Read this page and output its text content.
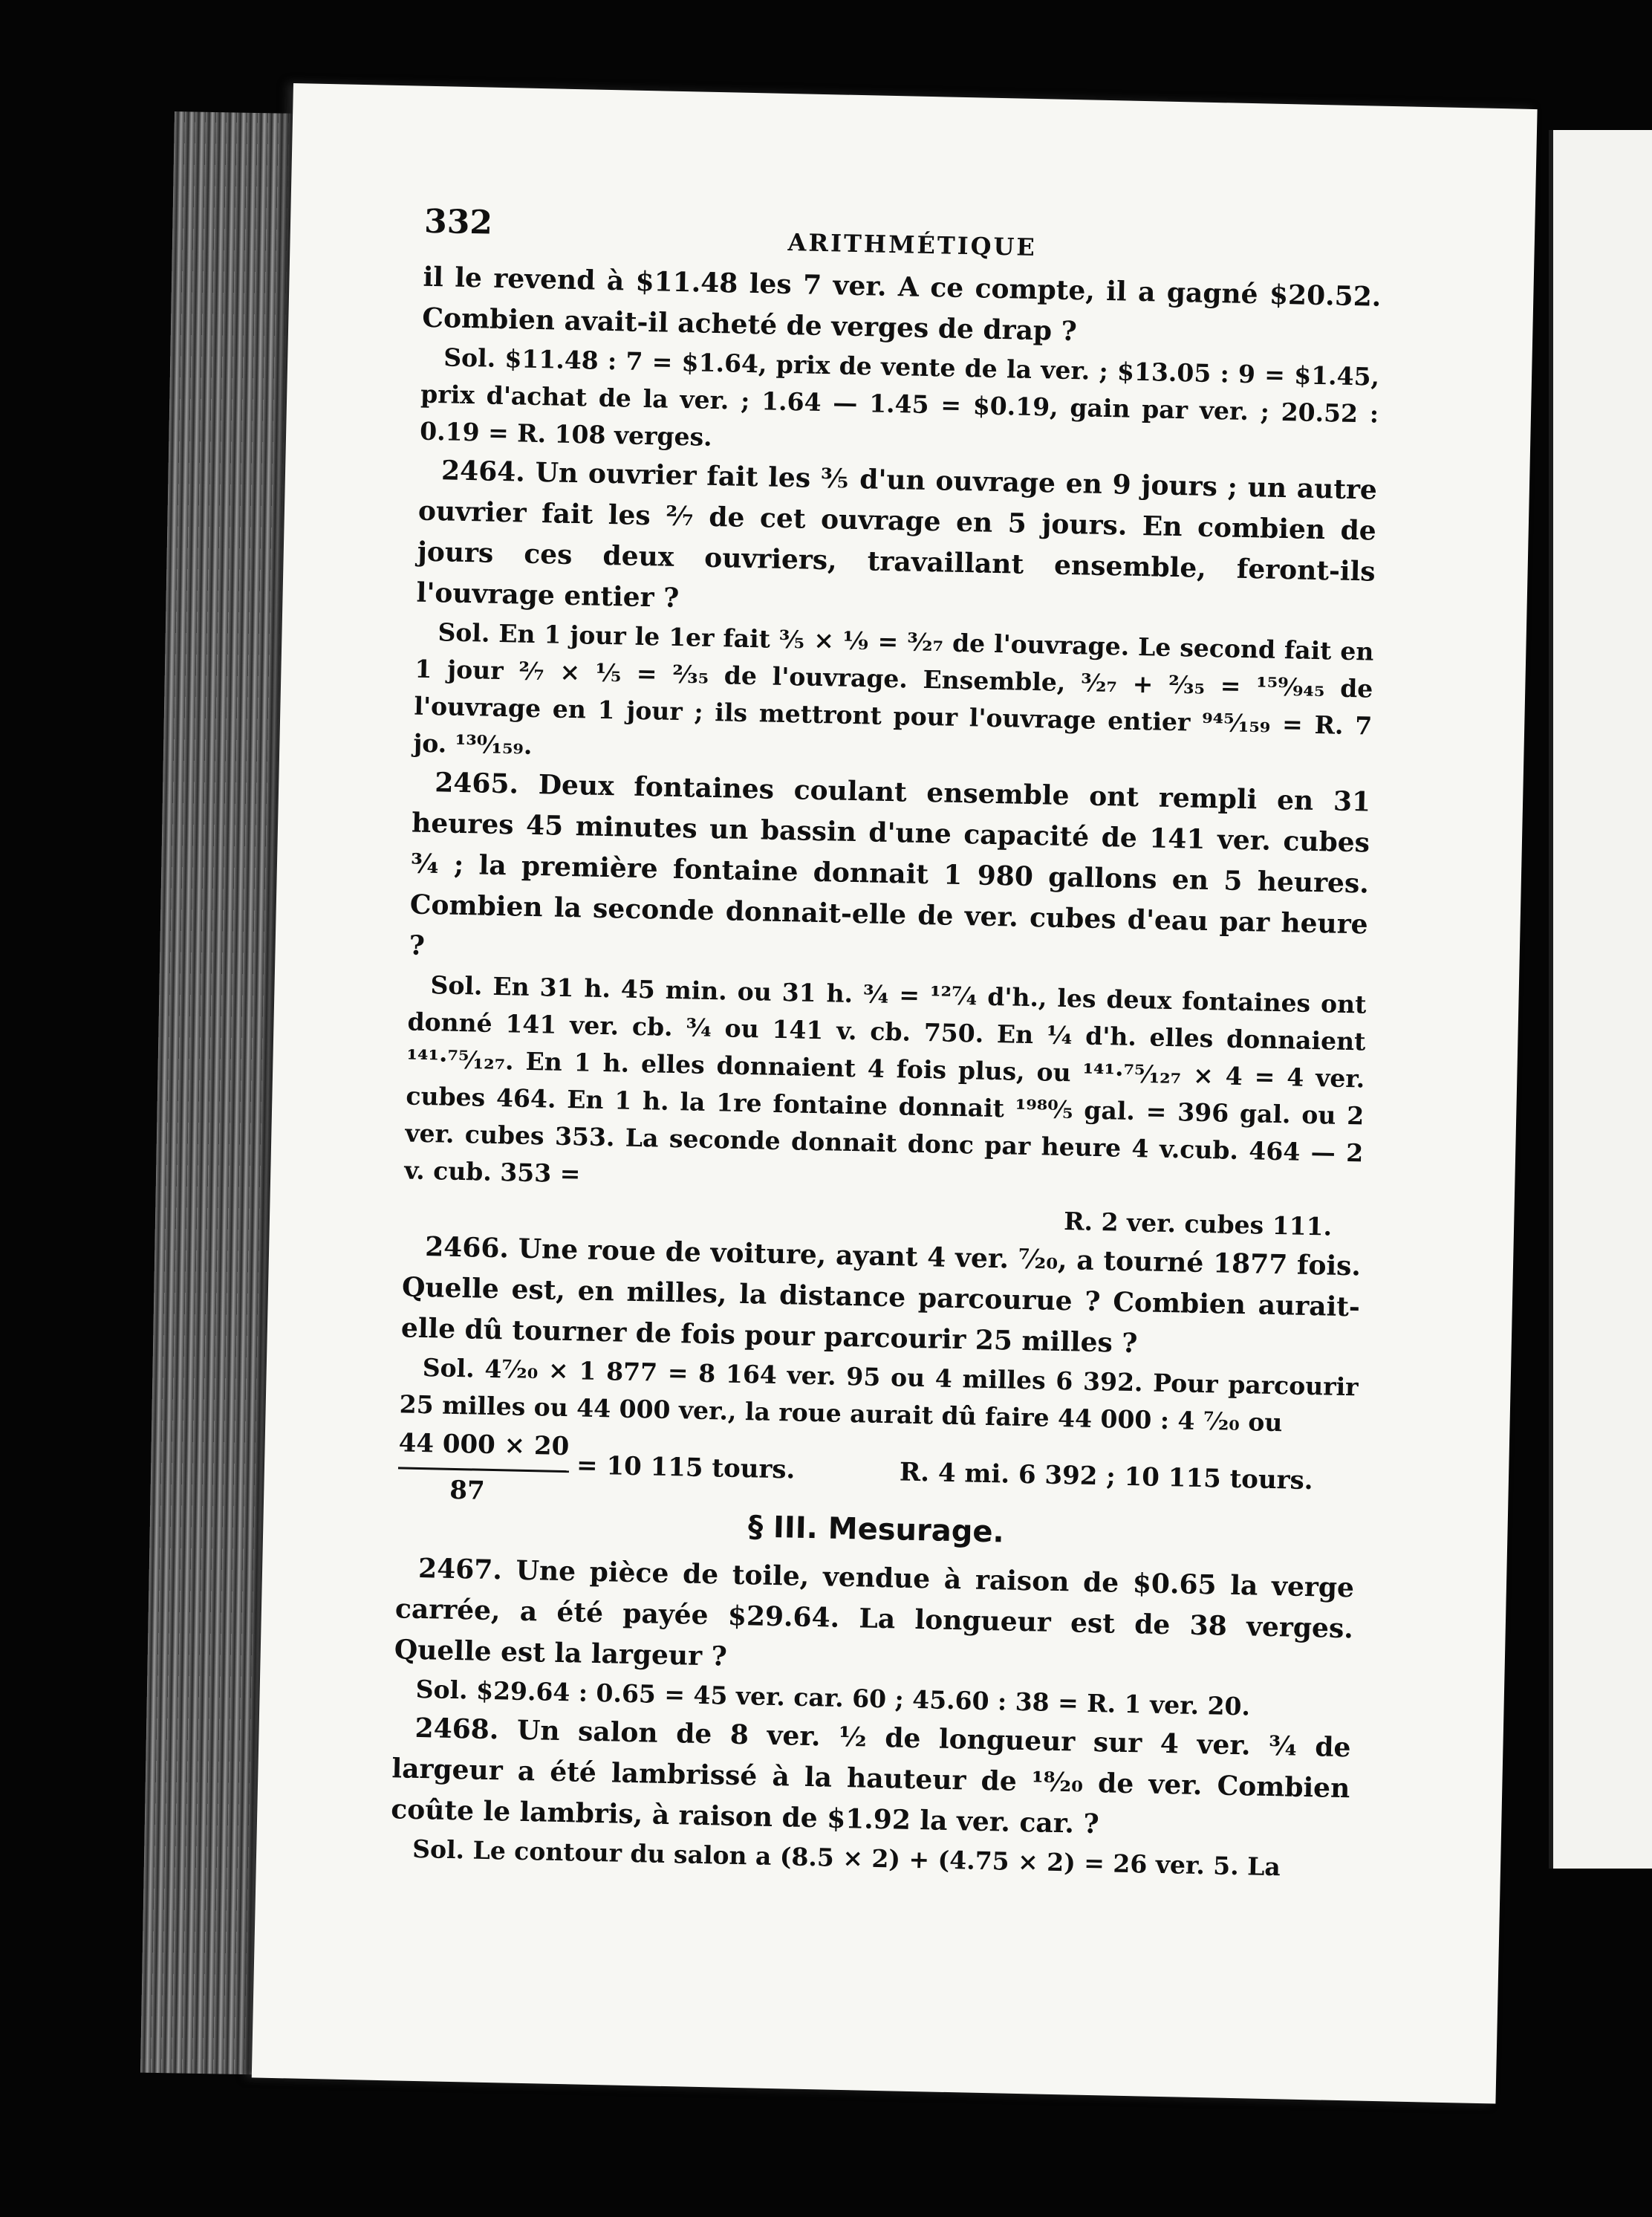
332
ARITHMÉTIQUE

il le revend à $11.48 les 7 ver. A ce compte, il a gagné $20.52. Combien avait-il acheté de verges de drap ?

Sol. $11.48 : 7 = $1.64, prix de vente de la ver. ; $13.05 : 9 = $1.45, prix d'achat de la ver. ; 1.64 — 1.45 = $0.19, gain par ver. ; 20.52 : 0.19 = R. 108 verges.

2464. Un ouvrier fait les ⅗ d'un ouvrage en 9 jours ; un autre ouvrier fait les ²⁄₇ de cet ouvrage en 5 jours. En combien de jours ces deux ouvriers, travaillant ensemble, feront-ils l'ouvrage entier ?

Sol. En 1 jour le 1er fait ⅗ × ⅑ = ³⁄₂₇ de l'ouvrage. Le second fait en 1 jour ²⁄₇ × ⅕ = ²⁄₃₅ de l'ouvrage. Ensemble, ³⁄₂₇ + ²⁄₃₅ = ¹⁵⁹⁄₉₄₅ de l'ouvrage en 1 jour ; ils mettront pour l'ouvrage entier ⁹⁴⁵⁄₁₅₉ = R. 7 jo. ¹³⁰⁄₁₅₉.

2465. Deux fontaines coulant ensemble ont rempli en 31 heures 45 minutes un bassin d'une capacité de 141 ver. cubes ¾ ; la première fontaine donnait 1 980 gallons en 5 heures. Combien la seconde donnait-elle de ver. cubes d'eau par heure ?

Sol. En 31 h. 45 min. ou 31 h. ¾ = ¹²⁷⁄₄ d'h., les deux fontaines ont donné 141 ver. cb. ¾ ou 141 v. cb. 750. En ¼ d'h. elles donnaient ¹⁴¹·⁷⁵⁄₁₂₇. En 1 h. elles donnaient 4 fois plus, ou ¹⁴¹·⁷⁵⁄₁₂₇ × 4 = 4 ver. cubes 464. En 1 h. la 1re fontaine donnait ¹⁹⁸⁰⁄₅ gal. = 396 gal. ou 2 ver. cubes 353. La seconde donnait donc par heure 4 v.cub. 464 — 2 v. cub. 353 =

R. 2 ver. cubes 111.

2466. Une roue de voiture, ayant 4 ver. ⁷⁄₂₀, a tourné 1877 fois. Quelle est, en milles, la distance parcourue ? Combien aurait-elle dû tourner de fois pour parcourir 25 milles ?

Sol. 4⁷⁄₂₀ × 1 877 = 8 164 ver. 95 ou 4 milles 6 392. Pour parcourir 25 milles ou 44 000 ver., la roue aurait dû faire 44 000 : 4 ⁷⁄₂₀ ou

$\frac{44 000 \times 20}{87} = 10$ 115 tours.	R. 4 mi. 6 392 ; 10 115 tours.
§ III. Mesurage.

2467. Une pièce de toile, vendue à raison de $0.65 la verge carrée, a été payée $29.64. La longueur est de 38 verges. Quelle est la largeur ?

Sol. $29.64 : 0.65 = 45 ver. car. 60 ; 45.60 : 38 = R. 1 ver. 20.

2468. Un salon de 8 ver. ½ de longueur sur 4 ver. ¾ de largeur a été lambrissé à la hauteur de ¹⁸⁄₂₀ de ver. Combien coûte le lambris, à raison de $1.92 la ver. car. ?

Sol. Le contour du salon a (8.5 × 2) + (4.75 × 2) = 26 ver. 5. La
